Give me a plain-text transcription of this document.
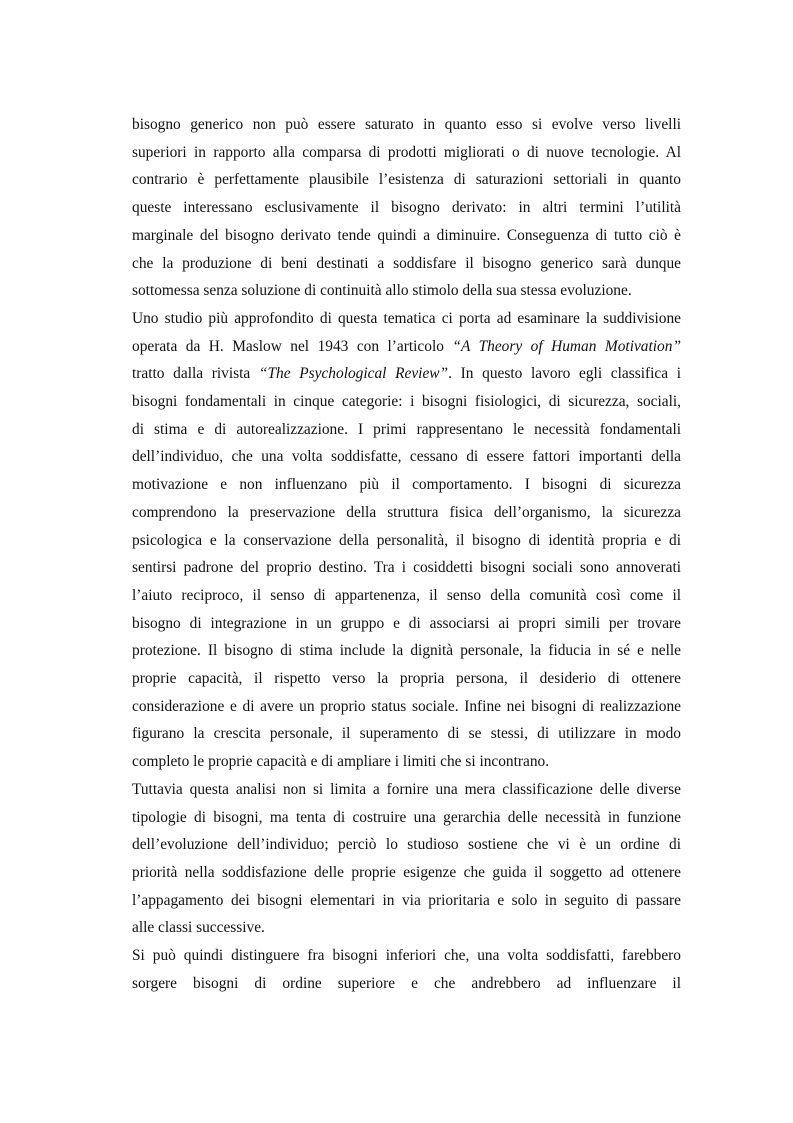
bisogno generico non può essere saturato in quanto esso si evolve verso livelli
superiori in rapporto alla comparsa di prodotti migliorati o di nuove tecnologie. Al
contrario è perfettamente plausibile l’esistenza di saturazioni settoriali in quanto
queste interessano esclusivamente il bisogno derivato: in altri termini l’utilità
marginale del bisogno derivato tende quindi a diminuire. Conseguenza di tutto ciò è
che la produzione di beni destinati a soddisfare il bisogno generico sarà dunque
sottomessa senza soluzione di continuità allo stimolo della sua stessa evoluzione.

Uno studio più approfondito di questa tematica ci porta ad esaminare la suddivisione
operata da H. Maslow nel 1943 con l’articolo “A Theory of Human Motivation”
tratto dalla rivista “The Psychological Review”. In questo lavoro egli classifica i
bisogni fondamentali in cinque categorie: i bisogni fisiologici, di sicurezza, sociali,
di stima e di autorealizzazione. I primi rappresentano le necessità fondamentali
dell’individuo, che una volta soddisfatte, cessano di essere fattori importanti della
motivazione e non influenzano più il comportamento. I bisogni di sicurezza
comprendono la preservazione della struttura fisica dell’organismo, la sicurezza
psicologica e la conservazione della personalità, il bisogno di identità propria e di
sentirsi padrone del proprio destino. Tra i cosiddetti bisogni sociali sono annoverati
l’aiuto reciproco, il senso di appartenenza, il senso della comunità così come il
bisogno di integrazione in un gruppo e di associarsi ai propri simili per trovare
protezione. Il bisogno di stima include la dignità personale, la fiducia in sé e nelle
proprie capacità, il rispetto verso la propria persona, il desiderio di ottenere
considerazione e di avere un proprio status sociale. Infine nei bisogni di realizzazione
figurano la crescita personale, il superamento di se stessi, di utilizzare in modo
completo le proprie capacità e di ampliare i limiti che si incontrano.

Tuttavia questa analisi non si limita a fornire una mera classificazione delle diverse
tipologie di bisogni, ma tenta di costruire una gerarchia delle necessità in funzione
dell’evoluzione dell’individuo; perciò lo studioso sostiene che vi è un ordine di
priorità nella soddisfazione delle proprie esigenze che guida il soggetto ad ottenere
l’appagamento dei bisogni elementari in via prioritaria e solo in seguito di passare
alle classi successive.

Si può quindi distinguere fra bisogni inferiori che, una volta soddisfatti, farebbero
sorgere bisogni di ordine superiore e che andrebbero ad influenzare il
